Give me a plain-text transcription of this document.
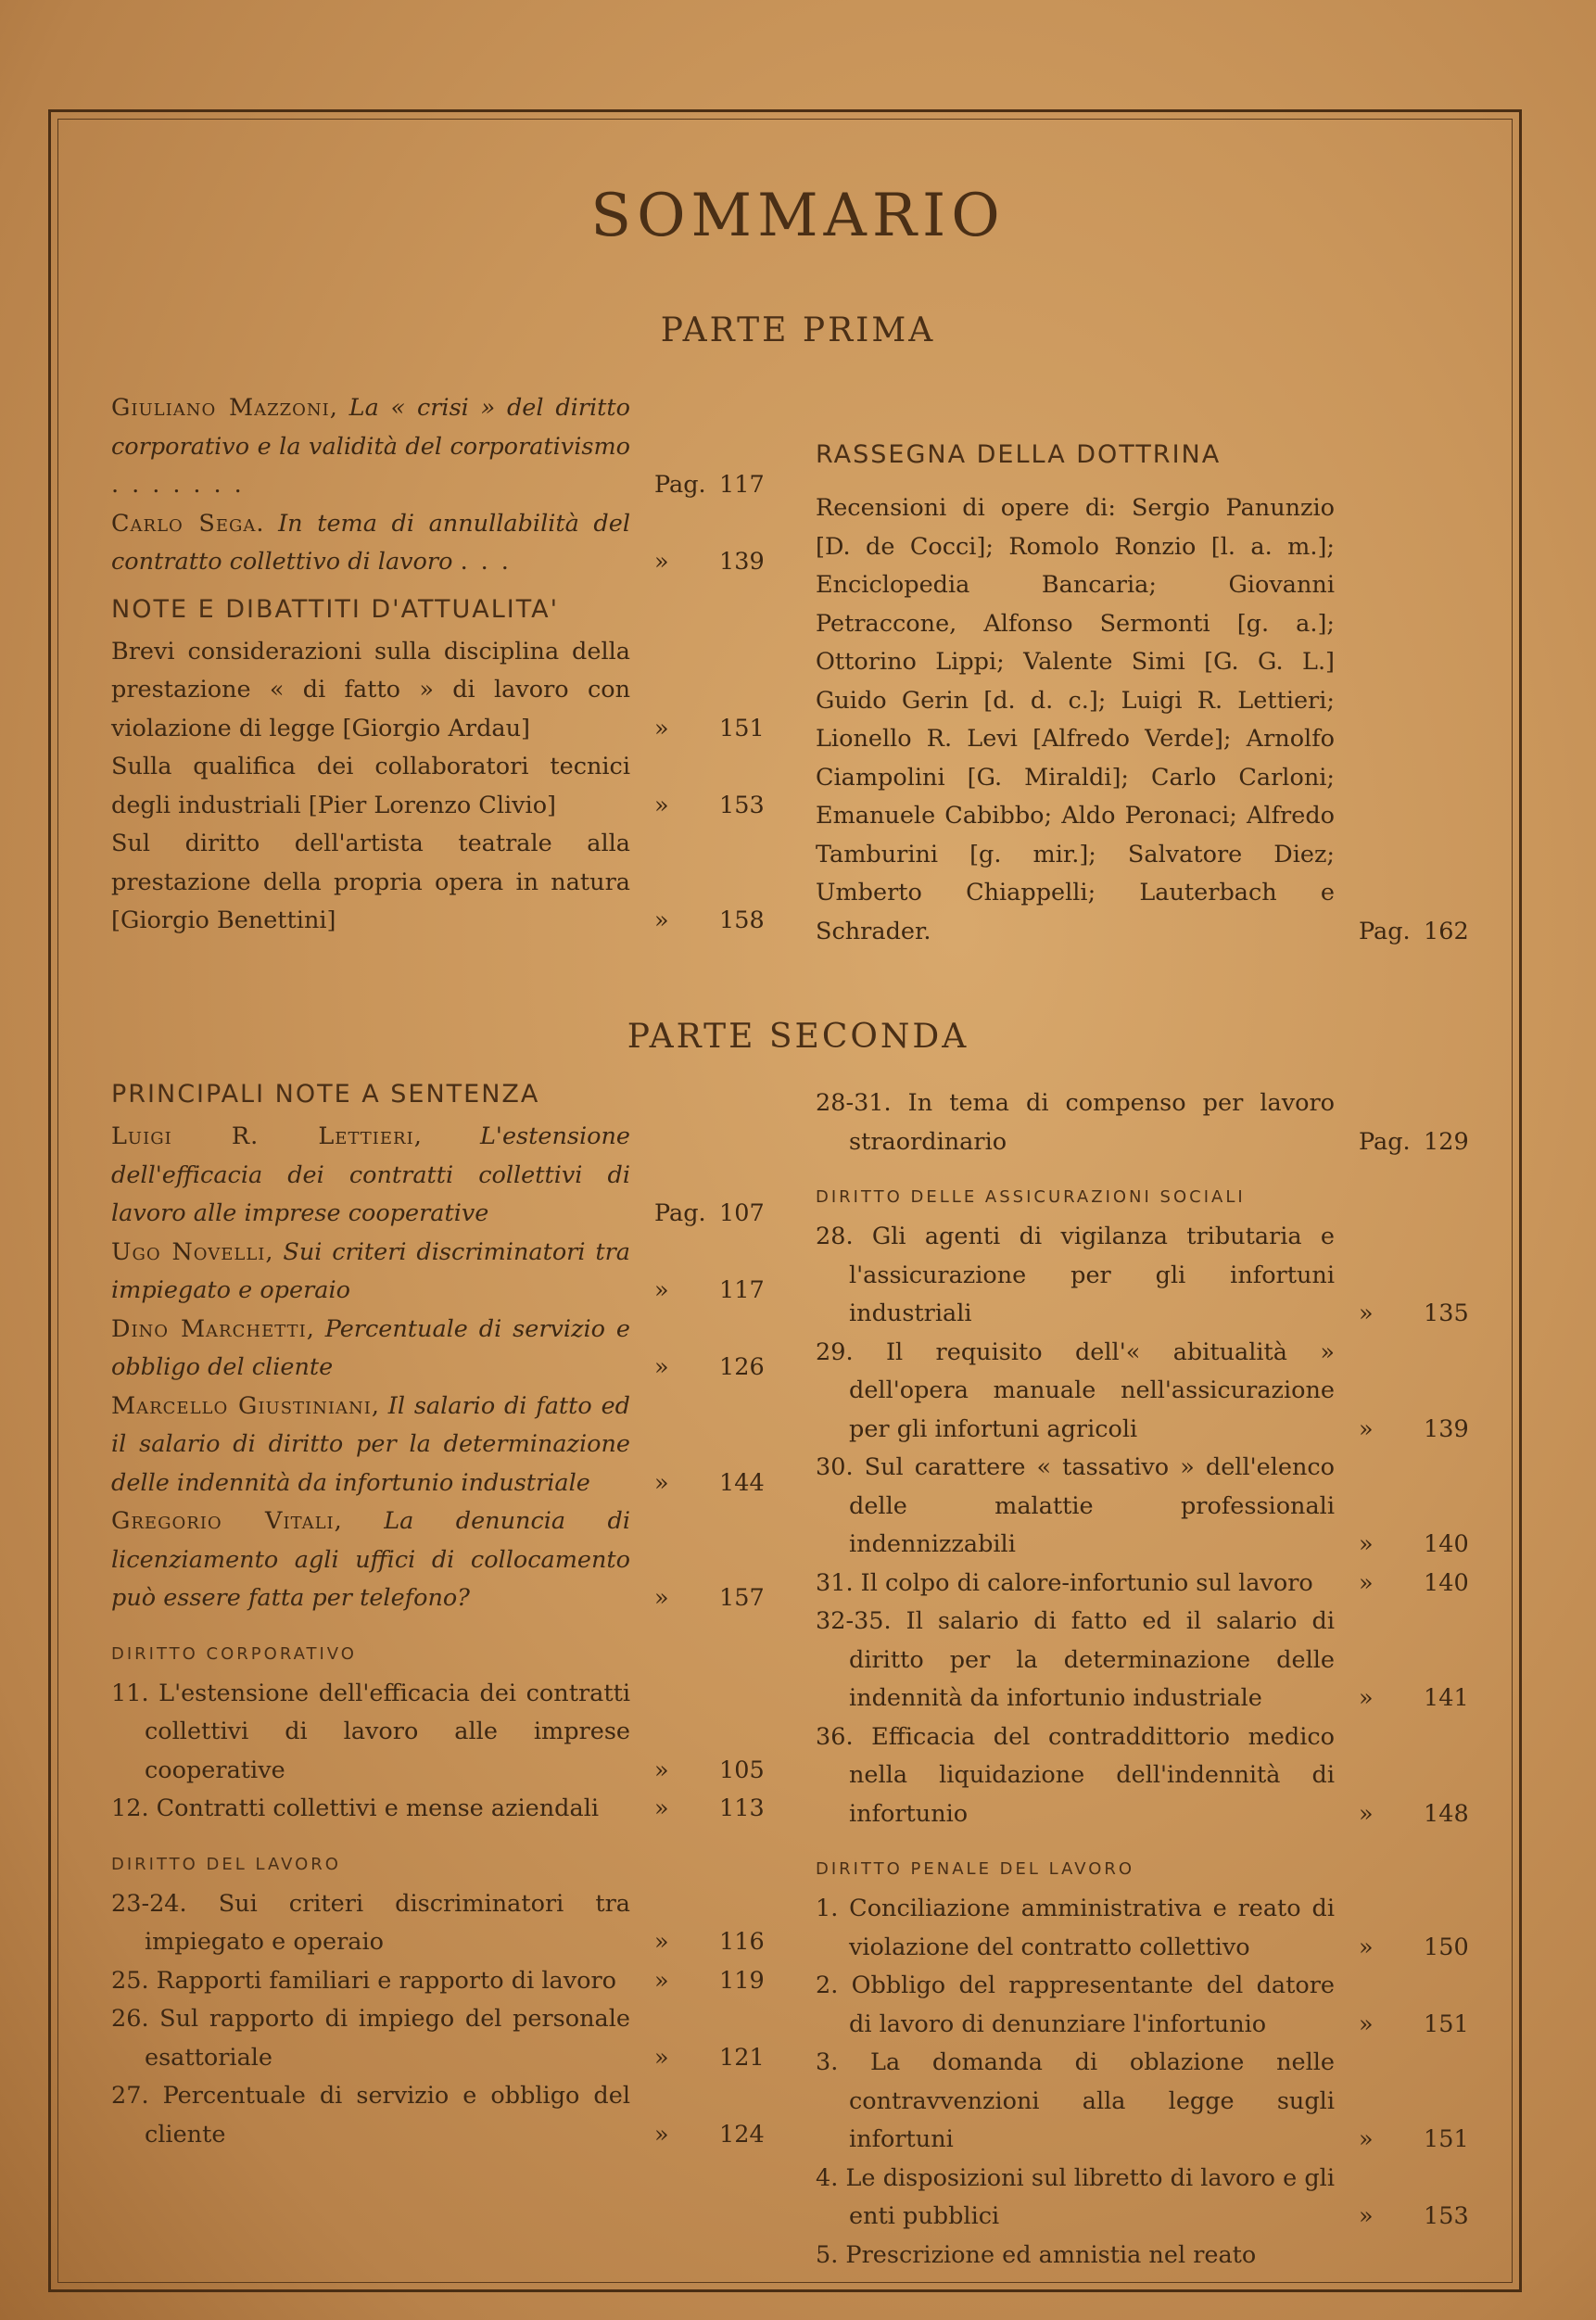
SOMMARIO
PARTE PRIMA
Giuliano Mazzoni, La « crisi » del diritto corporativo e la validità del corporativismo .......	Pag. 117
Carlo Sega. In tema di annullabilità del contratto collettivo di lavoro ...	» 139
NOTE E DIBATTITI D'ATTUALITA'
Brevi considerazioni sulla disciplina della prestazione « di fatto » di lavoro con violazione di legge [Giorgio Ardau]	» 151
Sulla qualifica dei collaboratori tecnici degli industriali [Pier Lorenzo Clivio]	» 153
Sul diritto dell'artista teatrale alla prestazione della propria opera in natura [Giorgio Benettini]	» 158
RASSEGNA DELLA DOTTRINA
Recensioni di opere di: Sergio Panunzio [D. de Cocci]; Romolo Ronzio [l. a. m.]; Enciclopedia Bancaria; Giovanni Petraccone, Alfonso Sermonti [g. a.]; Ottorino Lippi; Valente Simi [G. G. L.] Guido Gerin [d. d. c.]; Luigi R. Lettieri; Lionello R. Levi [Alfredo Verde]; Arnolfo Ciampolini [G. Miraldi]; Carlo Carloni; Emanuele Cabibbo; Aldo Peronaci; Alfredo Tamburini [g. mir.]; Salvatore Diez; Umberto Chiappelli; Lauterbach e Schrader.	Pag. 162
PARTE SECONDA
PRINCIPALI NOTE A SENTENZA
Luigi R. Lettieri, L'estensione dell'efficacia dei contratti collettivi di lavoro alle imprese cooperative	Pag. 107
Ugo Novelli, Sui criteri discriminatori tra impiegato e operaio	» 117
Dino Marchetti, Percentuale di servizio e obbligo del cliente	» 126
Marcello Giustiniani, Il salario di fatto ed il salario di diritto per la determinazione delle indennità da infortunio industriale	» 144
Gregorio Vitali, La denuncia di licenziamento agli uffici di collocamento può essere fatta per telefono?	» 157
DIRITTO CORPORATIVO
11. L'estensione dell'efficacia dei contratti collettivi di lavoro alle imprese cooperative	» 105
12. Contratti collettivi e mense aziendali	» 113
DIRITTO DEL LAVORO
23-24. Sui criteri discriminatori tra impiegato e operaio	» 116
25. Rapporti familiari e rapporto di lavoro	» 119
26. Sul rapporto di impiego del personale esattoriale	» 121
27. Percentuale di servizio e obbligo del cliente	» 124
28-31. In tema di compenso per lavoro straordinario	Pag. 129
DIRITTO DELLE ASSICURAZIONI SOCIALI
28. Gli agenti di vigilanza tributaria e l'assicurazione per gli infortuni industriali	» 135
29. Il requisito dell'« abitualità » dell'opera manuale nell'assicurazione per gli infortuni agricoli	» 139
30. Sul carattere « tassativo » dell'elenco delle malattie professionali indennizzabili	» 140
31. Il colpo di calore-infortunio sul lavoro	» 140
32-35. Il salario di fatto ed il salario di diritto per la determinazione delle indennità da infortunio industriale	» 141
36. Efficacia del contraddittorio medico nella liquidazione dell'indennità di infortunio	» 148
DIRITTO PENALE DEL LAVORO
1. Conciliazione amministrativa e reato di violazione del contratto collettivo	» 150
2. Obbligo del rappresentante del datore di lavoro di denunziare l'infortunio	» 151
3. La domanda di oblazione nelle contravvenzioni alla legge sugli infortuni	» 151
4. Le disposizioni sul libretto di lavoro e gli enti pubblici	» 153
5. Prescrizione ed amnistia nel reato
